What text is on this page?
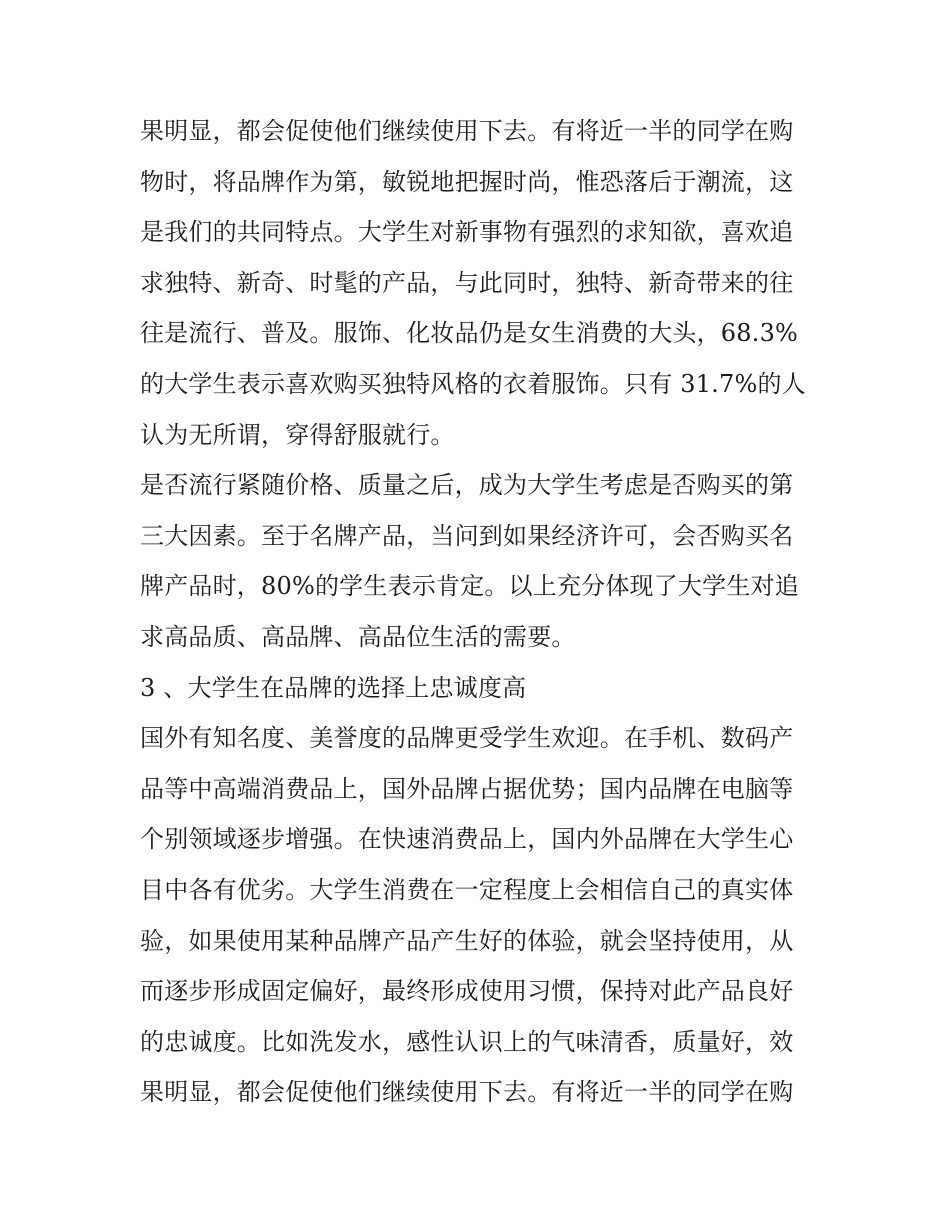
果明显，都会促使他们继续使用下去。有将近一半的同学在购
物时，将品牌作为第，敏锐地把握时尚，惟恐落后于潮流，这
是我们的共同特点。大学生对新事物有强烈的求知欲，喜欢追
求独特、新奇、时髦的产品，与此同时，独特、新奇带来的往
往是流行、普及。服饰、化妆品仍是女生消费的大头，68.3%
的大学生表示喜欢购买独特风格的衣着服饰。只有 31.7%的人
认为无所谓，穿得舒服就行。
是否流行紧随价格、质量之后，成为大学生考虑是否购买的第
三大因素。至于名牌产品，当问到如果经济许可，会否购买名
牌产品时，80%的学生表示肯定。以上充分体现了大学生对追
求高品质、高品牌、高品位生活的需要。
3 、大学生在品牌的选择上忠诚度高
国外有知名度、美誉度的品牌更受学生欢迎。在手机、数码产
品等中高端消费品上，国外品牌占据优势；国内品牌在电脑等
个别领域逐步增强。在快速消费品上，国内外品牌在大学生心
目中各有优劣。大学生消费在一定程度上会相信自己的真实体
验，如果使用某种品牌产品产生好的体验，就会坚持使用，从
而逐步形成固定偏好，最终形成使用习惯，保持对此产品良好
的忠诚度。比如洗发水，感性认识上的气味清香，质量好，效
果明显，都会促使他们继续使用下去。有将近一半的同学在购
